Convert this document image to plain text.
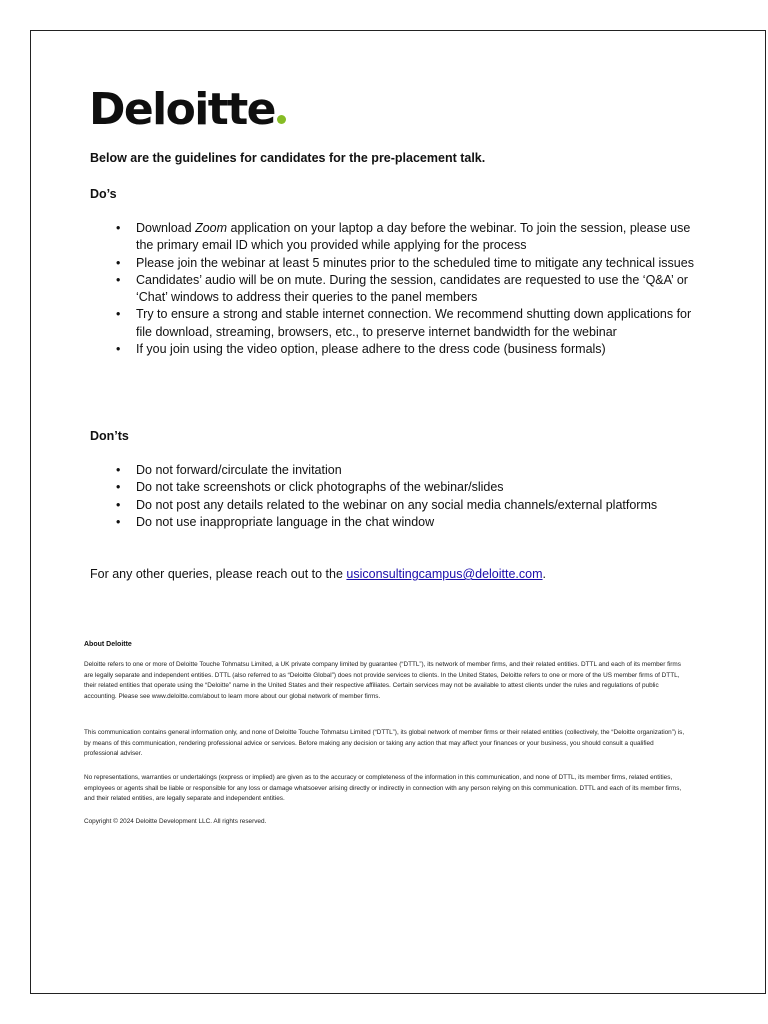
Deloitte
Below are the guidelines for candidates for the pre-placement talk.
Do’s
• Download Zoom application on your laptop a day before the webinar. To join the session, please use the primary email ID which you provided while applying for the process
• Please join the webinar at least 5 minutes prior to the scheduled time to mitigate any technical issues
• Candidates’ audio will be on mute. During the session, candidates are requested to use the ‘Q&A’ or ‘Chat’ windows to address their queries to the panel members
• Try to ensure a strong and stable internet connection. We recommend shutting down applications for file download, streaming, browsers, etc., to preserve internet bandwidth for the webinar
• If you join using the video option, please adhere to the dress code (business formals)
Don’ts
• Do not forward/circulate the invitation
• Do not take screenshots or click photographs of the webinar/slides
• Do not post any details related to the webinar on any social media channels/external platforms
• Do not use inappropriate language in the chat window
For any other queries, please reach out to the usiconsultingcampus@deloitte.com.
About Deloitte

Deloitte refers to one or more of Deloitte Touche Tohmatsu Limited, a UK private company limited by guarantee (“DTTL”), its network of member firms, and their related entities. DTTL and each of its member firms are legally separate and independent entities. DTTL (also referred to as “Deloitte Global”) does not provide services to clients. In the United States, Deloitte refers to one or more of the US member firms of DTTL, their related entities that operate using the “Deloitte” name in the United States and their respective affiliates. Certain services may not be available to attest clients under the rules and regulations of public accounting. Please see www.deloitte.com/about to learn more about our global network of member firms.

This communication contains general information only, and none of Deloitte Touche Tohmatsu Limited (“DTTL”), its global network of member firms or their related entities (collectively, the “Deloitte organization”) is, by means of this communication, rendering professional advice or services. Before making any decision or taking any action that may affect your finances or your business, you should consult a qualified professional adviser.

No representations, warranties or undertakings (express or implied) are given as to the accuracy or completeness of the information in this communication, and none of DTTL, its member firms, related entities, employees or agents shall be liable or responsible for any loss or damage whatsoever arising directly or indirectly in connection with any person relying on this communication. DTTL and each of its member firms, and their related entities, are legally separate and independent entities.

Copyright © 2024 Deloitte Development LLC. All rights reserved.
